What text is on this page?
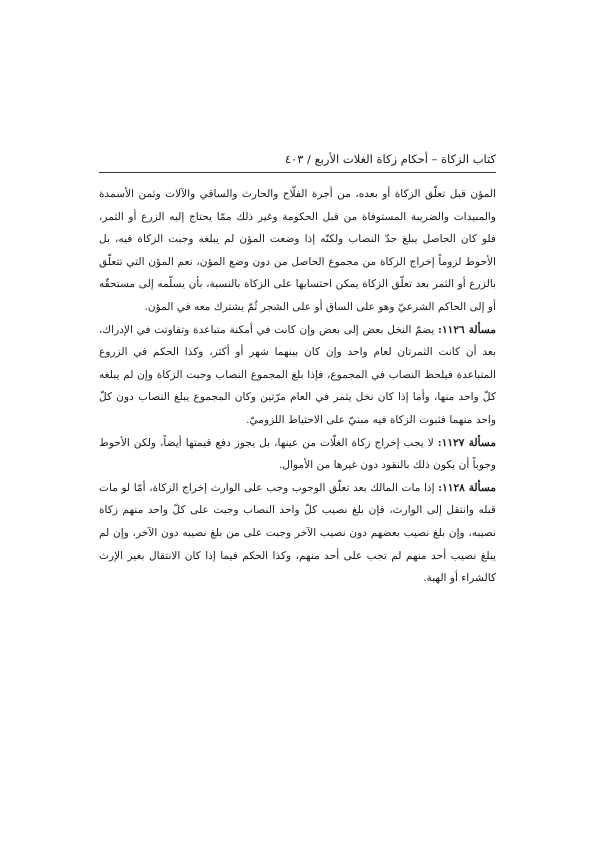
كتاب الزكاة – أحكام زكاة الغلات الأربع / ٤٠٣

المؤن قبل تعلّق الزكاة أو بعده، من أجرة الفلّاح والحارث والساقي والآلات وثمن الأسمدة والمبيدات والضريبة المستوفاة من قبل الحكومة وغير ذلك ممّا يحتاج إليه الزرع أو الثمر، فلو كان الحاصل يبلغ حدّ النصاب ولكنّه إذا وضعت المؤن لم يبلغه وجبت الزكاة فيه، بل الأحوط لزوماً إخراج الزكاة من مجموع الحاصل من دون وضع المؤن، نعم المؤن التي تتعلّق بالزرع أو الثمر بعد تعلّق الزكاة يمكن احتسابها على الزكاة بالنسبة، بأن يسلّمه إلى مستحقّه أو إلى الحاكم الشرعيّ وهو على الساق أو على الشجر ثُمّ يشترك معه في المؤن.

مسألة ١١٢٦: يضمّ النخل بعض إلى بعض وإن كانت في أمكنة متباعدة وتفاوتت في الإدراك، بعد أن كانت الثمرتان لعام واحد وإن كان بينهما شهر أو أكثر، وكذا الحكم في الزروع المتباعدة فيلحظ النصاب في المجموع، فإذا بلغ المجموع النصاب وجبت الزكاة وإن لم يبلغه كلّ واحد منها، وأما إذا كان نخل يثمر في العام مرّتين وكان المجموع يبلغ النصاب دون كلّ واحد منهما فثبوت الزكاة فيه مبنيّ على الاحتياط اللزوميّ.

مسألة ١١٢٧: لا يجب إخراج زكاة الغلّات من عينها، بل يجوز دفع قيمتها أيضاً، ولكن الأحوط وجوباً أن يكون ذلك بالنقود دون غيرها من الأموال.

مسألة ١١٢٨: إذا مات المالك بعد تعلّق الوجوب وجب على الوارث إخراج الزكاة، أمّا لو مات قبله وانتقل إلى الوارث، فإن بلغ نصيب كلّ واحد النصاب وجبت على كلّ واحد منهم زكاة نصيبه، وإن بلغ نصيب بعضهم دون نصيب الآخر وجبت على من بلغ نصيبه دون الآخر، وإن لم يبلغ نصيب أحد منهم لم تجب على أحد منهم، وكذا الحكم فيما إذا كان الانتقال بغير الإرث كالشراء أو الهبة.
